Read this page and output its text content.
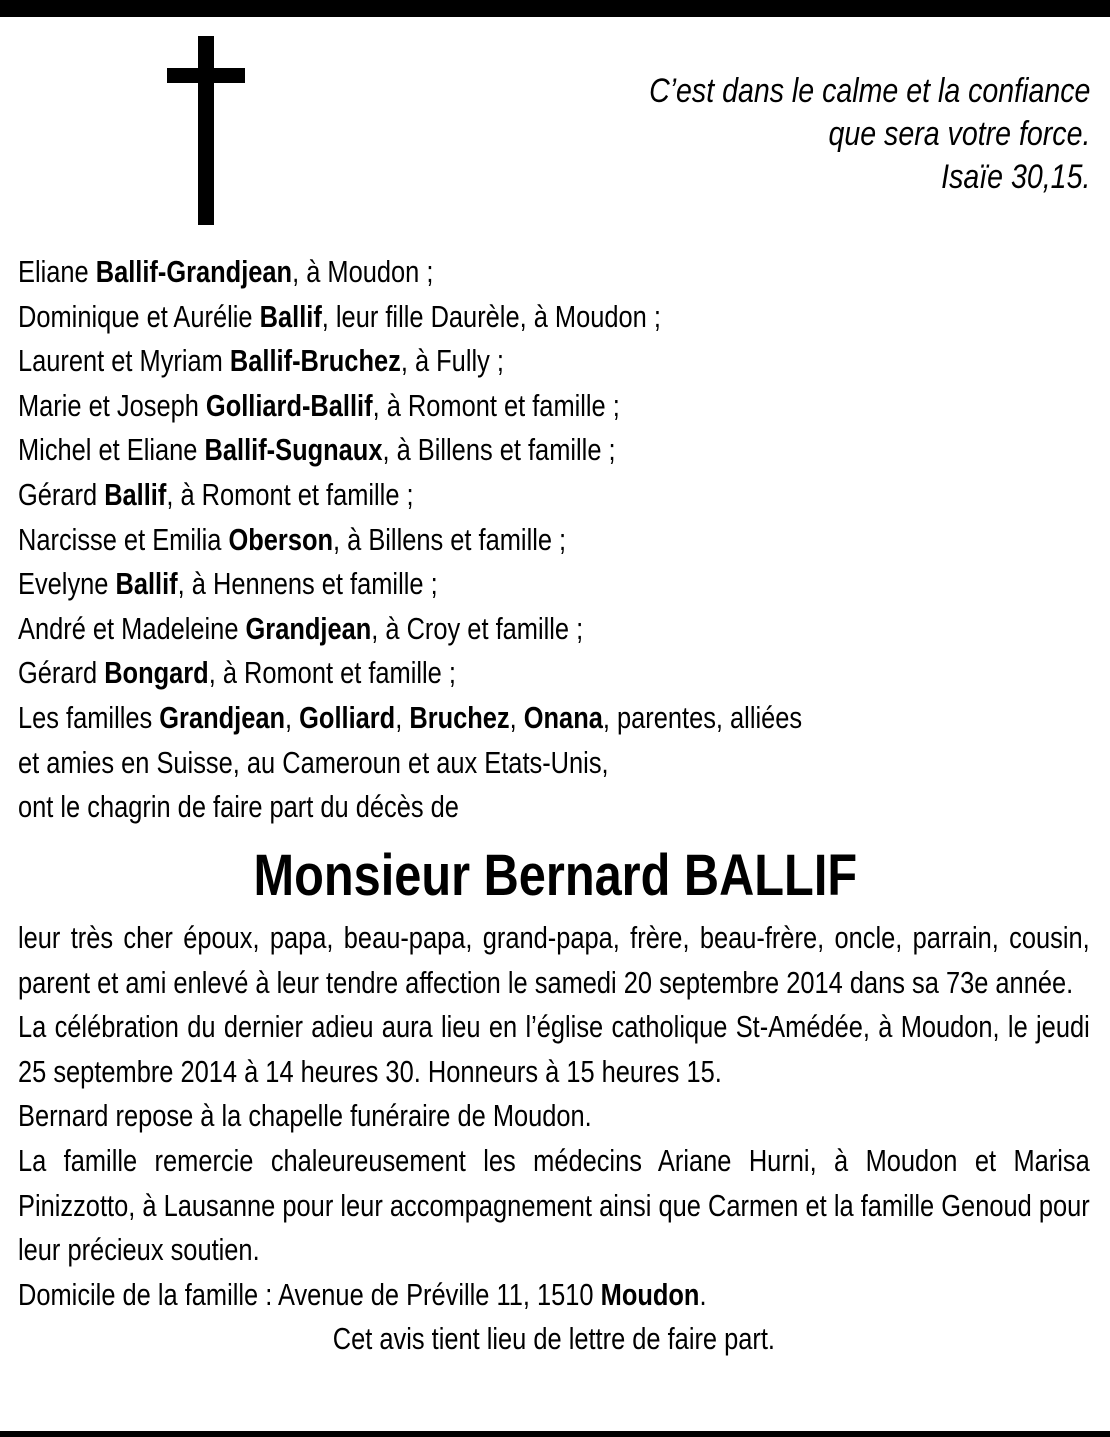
C’est dans le calme et la confiance
que sera votre force.
Isaïe 30,15.
Eliane Ballif-Grandjean, à Moudon ;
Dominique et Aurélie Ballif, leur fille Daurèle, à Moudon ;
Laurent et Myriam Ballif-Bruchez, à Fully ;
Marie et Joseph Golliard-Ballif, à Romont et famille ;
Michel et Eliane Ballif-Sugnaux, à Billens et famille ;
Gérard Ballif, à Romont et famille ;
Narcisse et Emilia Oberson, à Billens et famille ;
Evelyne Ballif, à Hennens et famille ;
André et Madeleine Grandjean, à Croy et famille ;
Gérard Bongard, à Romont et famille ;
Les familles Grandjean, Golliard, Bruchez, Onana, parentes, alliées
et amies en Suisse, au Cameroun et aux Etats-Unis,
ont le chagrin de faire part du décès de
Monsieur Bernard BALLIF
leur très cher époux, papa, beau-papa, grand-papa, frère, beau-frère, oncle, parrain, cousin, parent et ami enlevé à leur tendre affection le samedi 20 septembre 2014 dans sa 73e année.
La célébration du dernier adieu aura lieu en l’église catholique St-Amédée, à Moudon, le jeudi 25 septembre 2014 à 14 heures 30. Honneurs à 15 heures 15.
Bernard repose à la chapelle funéraire de Moudon.
La famille remercie chaleureusement les médecins Ariane Hurni, à Moudon et Marisa Pinizzotto, à Lausanne pour leur accompagnement ainsi que Carmen et la famille Genoud pour leur précieux soutien.
Domicile de la famille : Avenue de Préville 11, 1510 Moudon.
Cet avis tient lieu de lettre de faire part.
